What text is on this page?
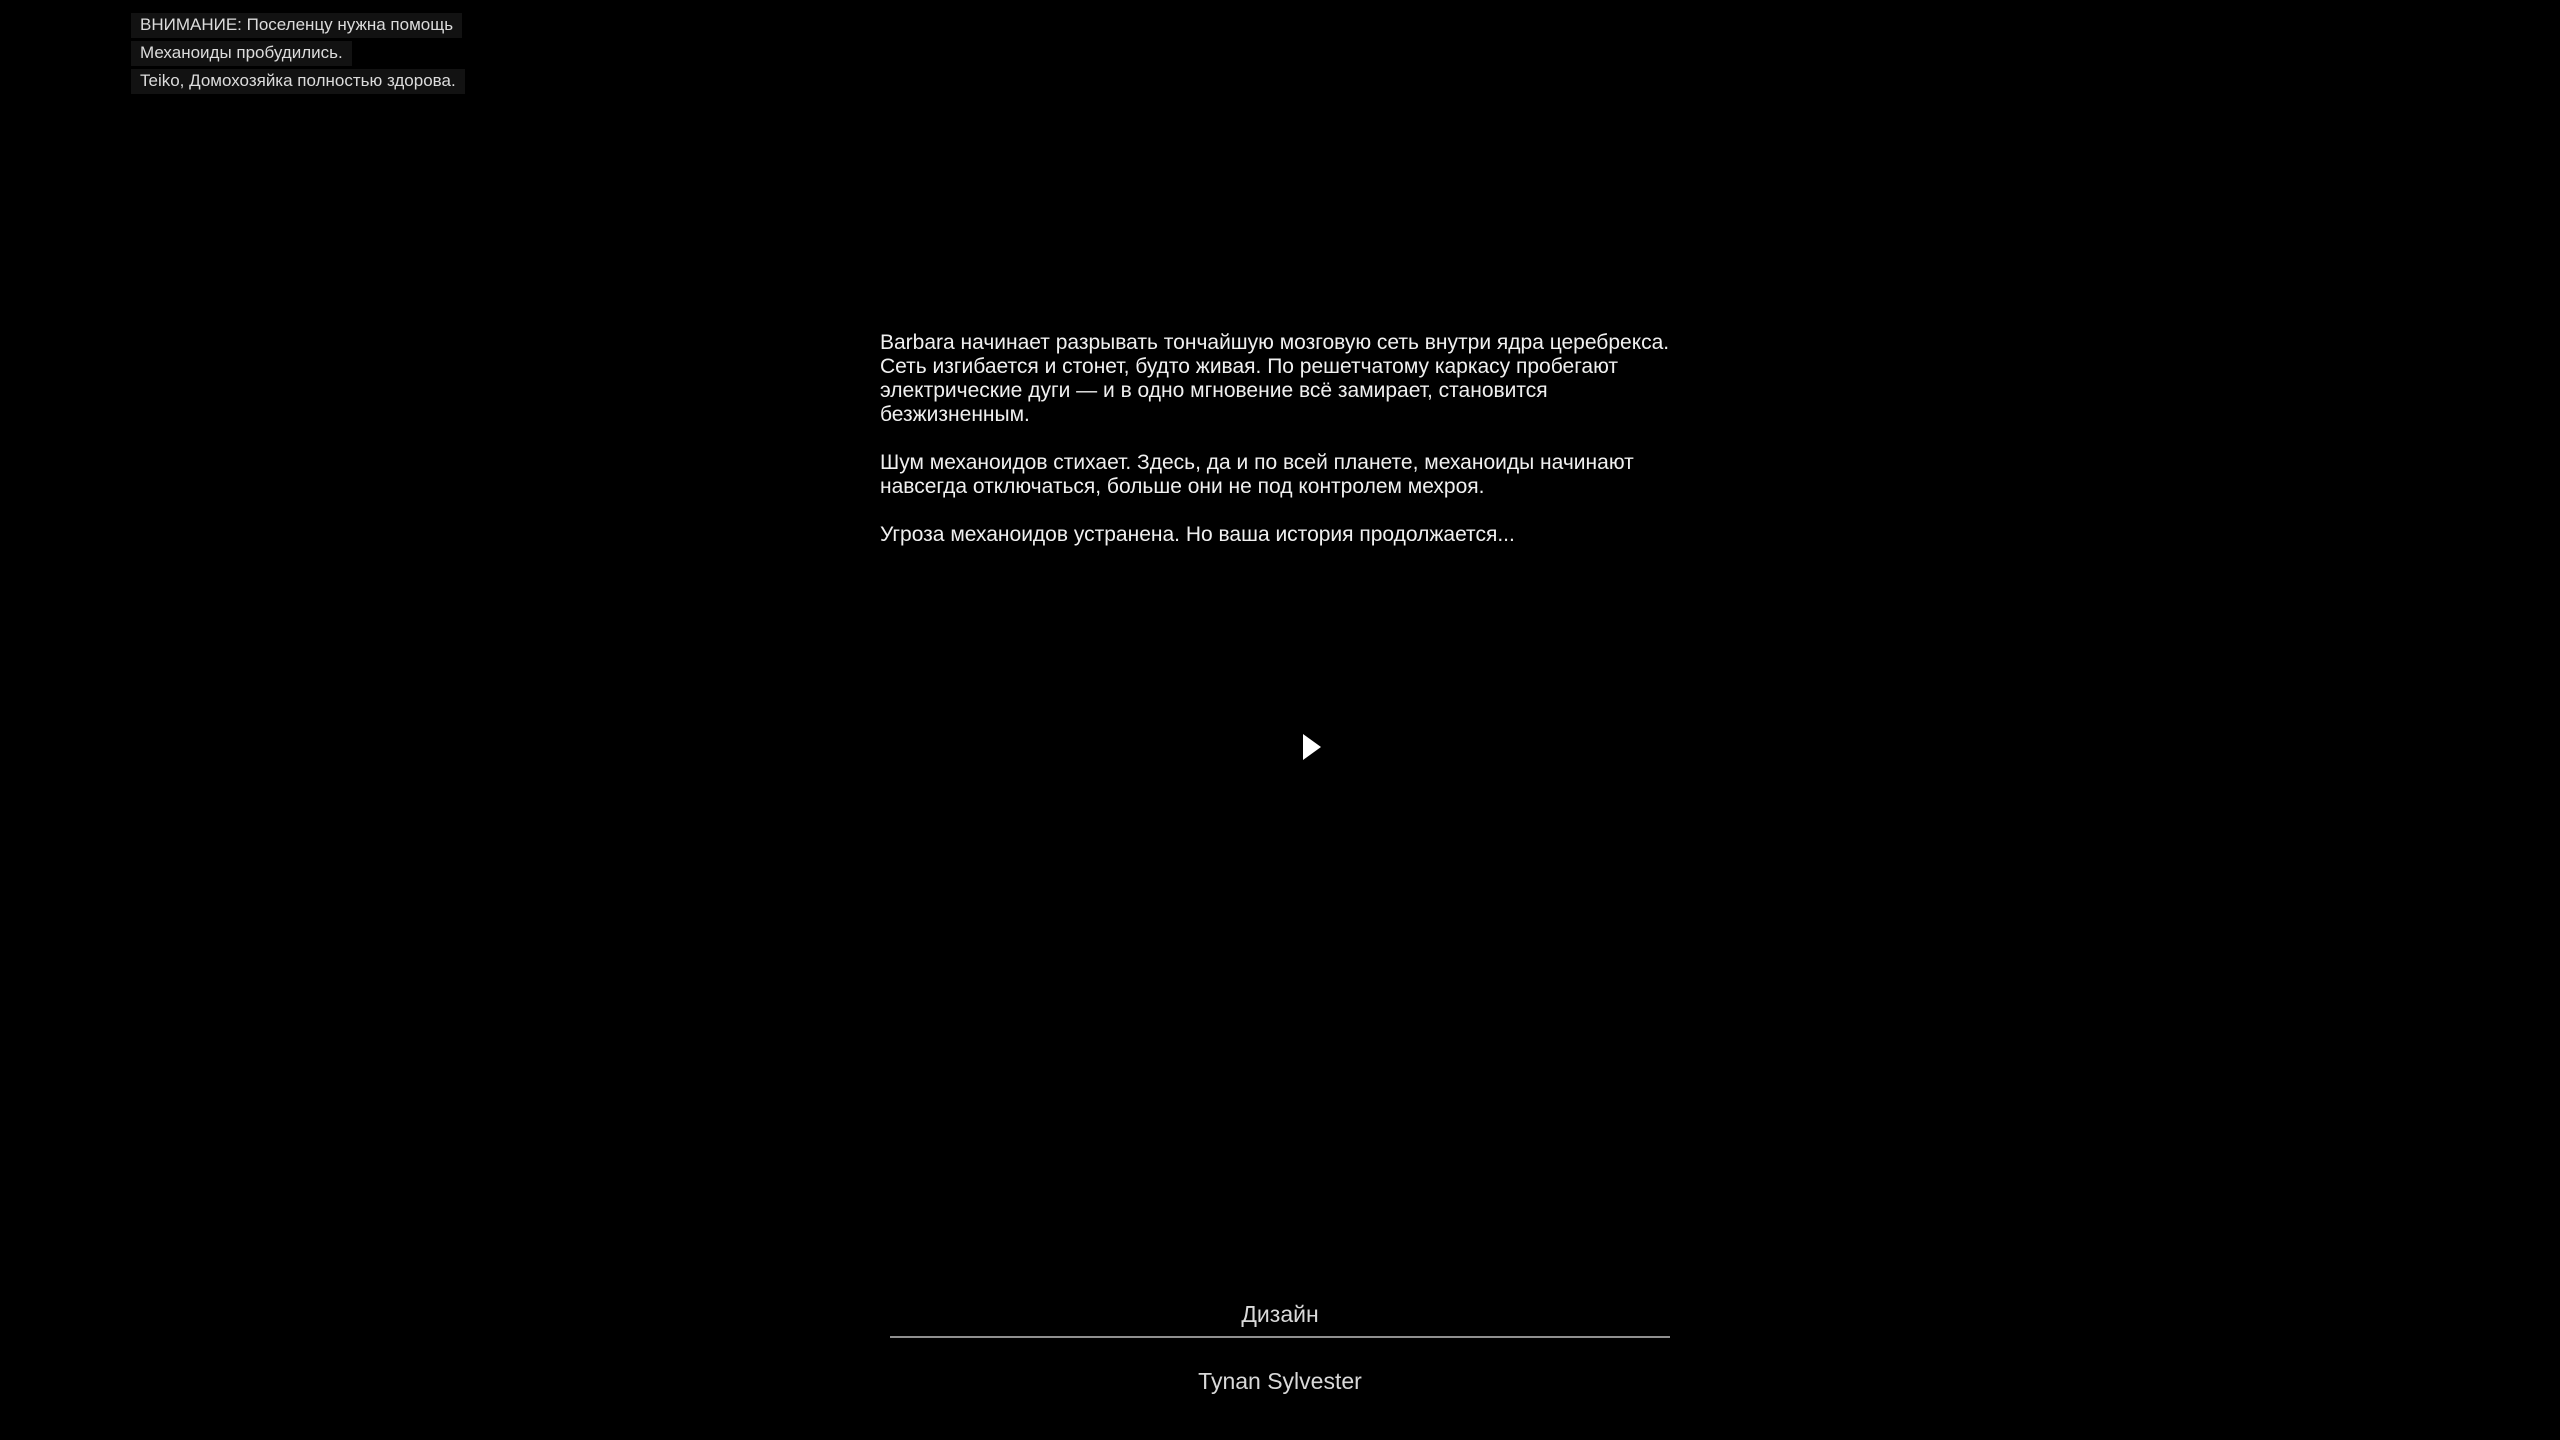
ВНИМАНИЕ: Поселенцу нужна помощь
Механоиды пробудились.
Teiko, Домохозяйка полностью здорова.

Barbara начинает разрывать тончайшую мозговую сеть внутри ядра церебрекса. Сеть изгибается и стонет, будто живая. По решетчатому каркасу пробегают электрические дуги — и в одно мгновение всё замирает, становится безжизненным.

Шум механоидов стихает. Здесь, да и по всей планете, механоиды начинают навсегда отключаться, больше они не под контролем мехроя.

Угроза механоидов устранена. Но ваша история продолжается...

Дизайн
Tynan Sylvester
